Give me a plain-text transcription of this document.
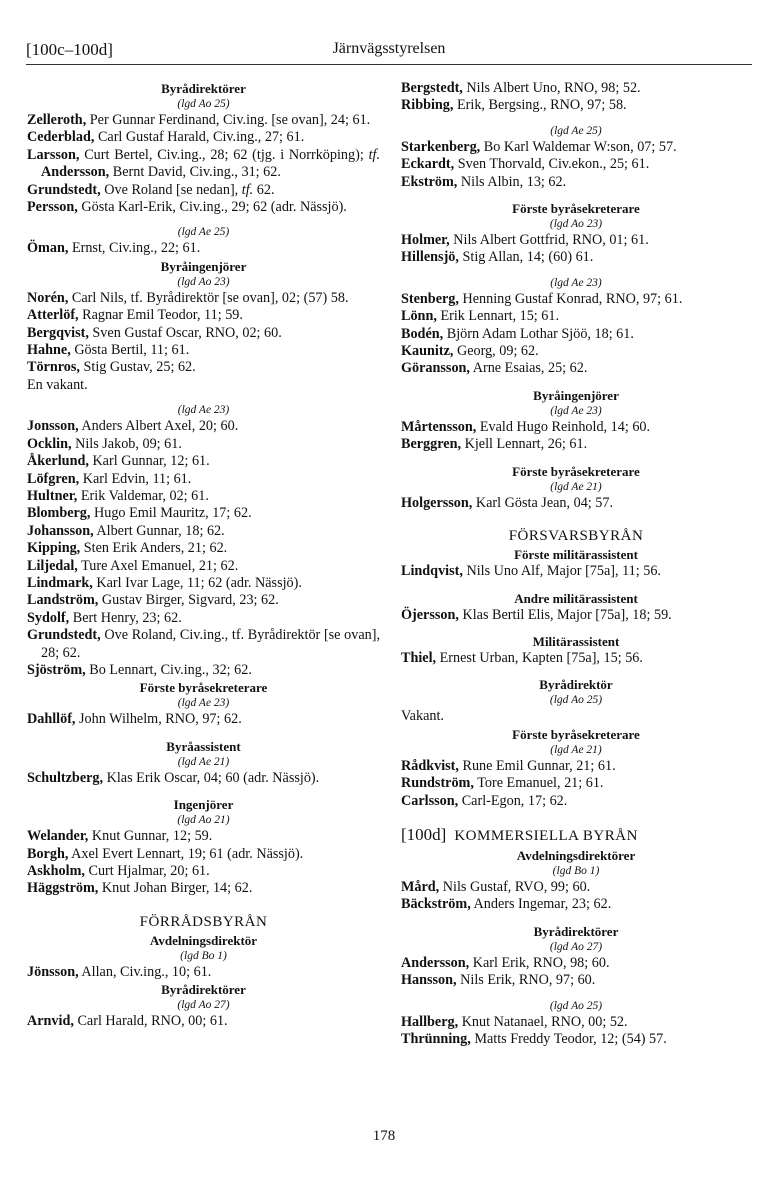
[100c–100d]	Järnvägsstyrelsen
Byrådirektörer
(lgd Ao 25)
Zelleroth, Per Gunnar Ferdinand, Civ.ing. [se ovan], 24; 61.
Cederblad, Carl Gustaf Harald, Civ.ing., 27; 61.
Larsson, Curt Bertel, Civ.ing., 28; 62 (tjg. i Norrköping); tf. Andersson, Bernt David, Civ.ing., 31; 62.
Grundstedt, Ove Roland [se nedan], tf. 62.
Persson, Gösta Karl-Erik, Civ.ing., 29; 62 (adr. Nässjö).
(lgd Ae 25)
Öman, Ernst, Civ.ing., 22; 61.
Byråingenjörer
(lgd Ao 23)
Norén, Carl Nils, tf. Byrådirektör [se ovan], 02; (57) 58.
Atterlöf, Ragnar Emil Teodor, 11; 59.
Bergqvist, Sven Gustaf Oscar, RNO, 02; 60.
Hahne, Gösta Bertil, 11; 61.
Törnros, Stig Gustav, 25; 62.
En vakant.
(lgd Ae 23)
Jonsson, Anders Albert Axel, 20; 60.
Ocklin, Nils Jakob, 09; 61.
Åkerlund, Karl Gunnar, 12; 61.
Löfgren, Karl Edvin, 11; 61.
Hultner, Erik Valdemar, 02; 61.
Blomberg, Hugo Emil Mauritz, 17; 62.
Johansson, Albert Gunnar, 18; 62.
Kipping, Sten Erik Anders, 21; 62.
Liljedal, Ture Axel Emanuel, 21; 62.
Lindmark, Karl Ivar Lage, 11; 62 (adr. Nässjö).
Landström, Gustav Birger, Sigvard, 23; 62.
Sydolf, Bert Henry, 23; 62.
Grundstedt, Ove Roland, Civ.ing., tf. Byrådirektör [se ovan], 28; 62.
Sjöström, Bo Lennart, Civ.ing., 32; 62.
Förste byråsekreterare
(lgd Ae 23)
Dahllöf, John Wilhelm, RNO, 97; 62.
Byråassistent
(lgd Ae 21)
Schultzberg, Klas Erik Oscar, 04; 60 (adr. Nässjö).
Ingenjörer
(lgd Ao 21)
Welander, Knut Gunnar, 12; 59.
Borgh, Axel Evert Lennart, 19; 61 (adr. Nässjö).
Askholm, Curt Hjalmar, 20; 61.
Häggström, Knut Johan Birger, 14; 62.
FÖRRÅDSBYRÅN
Avdelningsdirektör
(lgd Bo 1)
Jönsson, Allan, Civ.ing., 10; 61.
Byrådirektörer
(lgd Ao 27)
Arnvid, Carl Harald, RNO, 00; 61.
Bergstedt, Nils Albert Uno, RNO, 98; 52.
Ribbing, Erik, Bergsing., RNO, 97; 58.
(lgd Ae 25)
Starkenberg, Bo Karl Waldemar W:son, 07; 57.
Eckardt, Sven Thorvald, Civ.ekon., 25; 61.
Ekström, Nils Albin, 13; 62.
Förste byråsekreterare
(lgd Ao 23)
Holmer, Nils Albert Gottfrid, RNO, 01; 61.
Hillensjö, Stig Allan, 14; (60) 61.
(lgd Ae 23)
Stenberg, Henning Gustaf Konrad, RNO, 97; 61.
Lönn, Erik Lennart, 15; 61.
Bodén, Björn Adam Lothar Sjöö, 18; 61.
Kaunitz, Georg, 09; 62.
Göransson, Arne Esaias, 25; 62.
Byråingenjörer
(lgd Ae 23)
Mårtensson, Evald Hugo Reinhold, 14; 60.
Berggren, Kjell Lennart, 26; 61.
Förste byråsekreterare
(lgd Ae 21)
Holgersson, Karl Gösta Jean, 04; 57.
FÖRSVARSBYRÅN
Förste militärassistent
Lindqvist, Nils Uno Alf, Major [75a], 11; 56.
Andre militärassistent
Öjersson, Klas Bertil Elis, Major [75a], 18; 59.
Militärassistent
Thiel, Ernest Urban, Kapten [75a], 15; 56.
Byrådirektör
(lgd Ao 25)
Vakant.
Förste byråsekreterare
(lgd Ae 21)
Rådkvist, Rune Emil Gunnar, 21; 61.
Rundström, Tore Emanuel, 21; 61.
Carlsson, Carl-Egon, 17; 62.
[100d] KOMMERSIELLA BYRÅN
Avdelningsdirektörer
(lgd Bo 1)
Mård, Nils Gustaf, RVO, 99; 60.
Bäckström, Anders Ingemar, 23; 62.
Byrådirektörer
(lgd Ao 27)
Andersson, Karl Erik, RNO, 98; 60.
Hansson, Nils Erik, RNO, 97; 60.
(lgd Ao 25)
Hallberg, Knut Natanael, RNO, 00; 52.
Thrünning, Matts Freddy Teodor, 12; (54) 57.
178
